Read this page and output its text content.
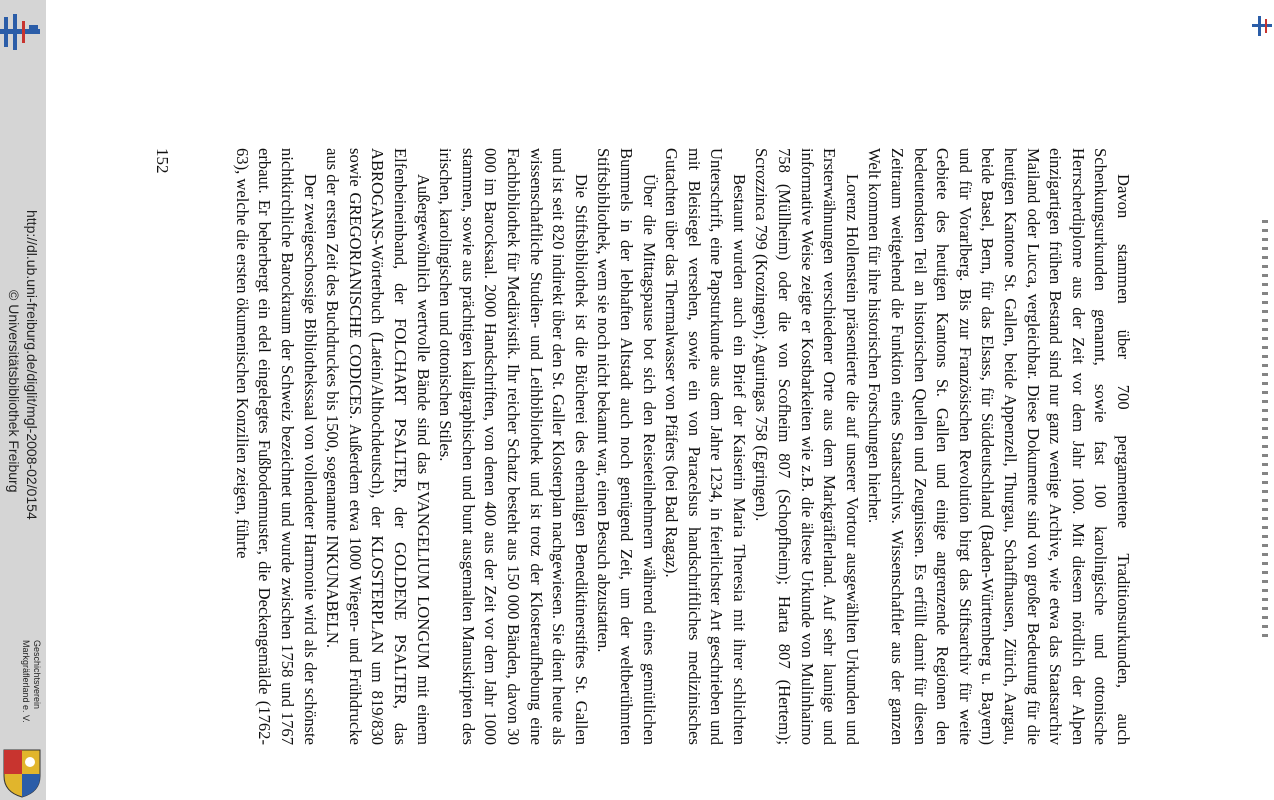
http://dl.ub.uni-freiburg.de/diglit/mgl-2008-02/0154
© Universitätsbibliothek Freiburg
Geschichtsverein
Markgräflerland e. V.	Davon stammen über 700 pergamentene Traditionsurkunden, auch Schenkungsurkunden genannt, sowie fast 100 karolingische und ottonische Herrscherdiplome aus der Zeit vor dem Jahr 1000. Mit diesem nördlich der Alpen einzigartigen frühen Bestand sind nur ganz wenige Archive, wie etwa das Staatsarchiv Mailand oder Lucca, vergleichbar. Diese Dokumente sind von großer Bedeutung für die heutigen Kantone St. Gallen, beide Appenzell, Thurgau, Schaffhausen, Zürich, Aargau, beide Basel, Bern, für das Elsass, für Süddeutschland (Baden-Württemberg u. Bayern) und für Vorarlberg. Bis zur Französischen Revolution birgt das Stiftsarchiv für weite Gebiete des heutigen Kantons St. Gallen und einige angrenzende Regionen den bedeutendsten Teil an historischen Quellen und Zeugnissen. Es erfüllt damit für diesen Zeitraum weitgehend die Funktion eines Staatsarchivs. Wissenschaftler aus der ganzen Welt kommen für ihre historischen Forschungen hierher.

Lorenz Hollenstein präsentierte die auf unserer Vortour ausgewählten Urkunden und Ersterwähnungen verschiedener Orte aus dem Markgräflerland. Auf sehr launige und informative Weise zeigte er Kostbarkeiten wie z.B. die älteste Urkunde von Mulinhaimo 758 (Müllheim) oder die von Scofheim 807 (Schopfheim); Harta 807 (Hertem); Scrozzinca 799 (Krozingen); Aguringas 758 (Egringen).

Bestaunt wurden auch ein Brief der Kaiserin Maria Theresia mit ihrer schlichten Unterschrift, eine Papsturkunde aus dem Jahre 1234, in feierlichster Art geschrieben und mit Bleisiegel versehen, sowie ein von Paracelsus handschriftliches medizinisches Gutachten über das Thermalwasser von Pfäfers (bei Bad Ragaz).

Über die Mittagspause bot sich den Reiseteilnehmern während eines gemütlichen Bummels in der lebhaften Altstadt auch noch genügend Zeit, um der weltberühmten Stiftsbibliothek, wem sie noch nicht bekannt war, einen Besuch abzustatten.

Die Stiftsbibliothek ist die Bücherei des ehemaligen Benediktinerstiftes St. Gallen und ist seit 820 indirekt über den St. Galler Klosterplan nachgewiesen. Sie dient heute als wissenschaftliche Studien- und Leihbibliothek und ist trotz der Klosteraufhebung eine Fachbibliothek für Mediävistik. Ihr reicher Schatz besteht aus 150 000 Bänden, davon 30 000 im Barocksaal. 2000 Handschriften, von denen 400 aus der Zeit vor dem Jahr 1000 stammen, sowie aus prächtigen kalligraphischen und bunt ausgemalten Manuskripten des irischen, karolingischen und ottonischen Stiles.

Außergewöhnlich wertvolle Bände sind das EVANGELIUM LONGUM mit einem Elfenbeineinband, der FOLCHART PSALTER, der GOLDENE PSALTER, das ABROGANS-Wörterbuch (Latein/Althochdeutsch), der KLOSTERPLAN um 819/830 sowie GREGORIANISCHE CODICES. Außerdem etwa 1000 Wiegen- und Frühdrucke aus der ersten Zeit des Buchdruckes bis 1500, sogenannte INKUNABELN.

Der zweigeschossige Bibliothekssaal von vollendeter Harmonie wird als der schönste nichtkirchliche Barockraum der Schweiz bezeichnet und wurde zwischen 1758 und 1767 erbaut. Er beherbergt ein edel eingelegtes Fußbodenmuster, die Deckengemälde (1762-63), welche die ersten ökumenischen Konzilien zeigen, führte

152
